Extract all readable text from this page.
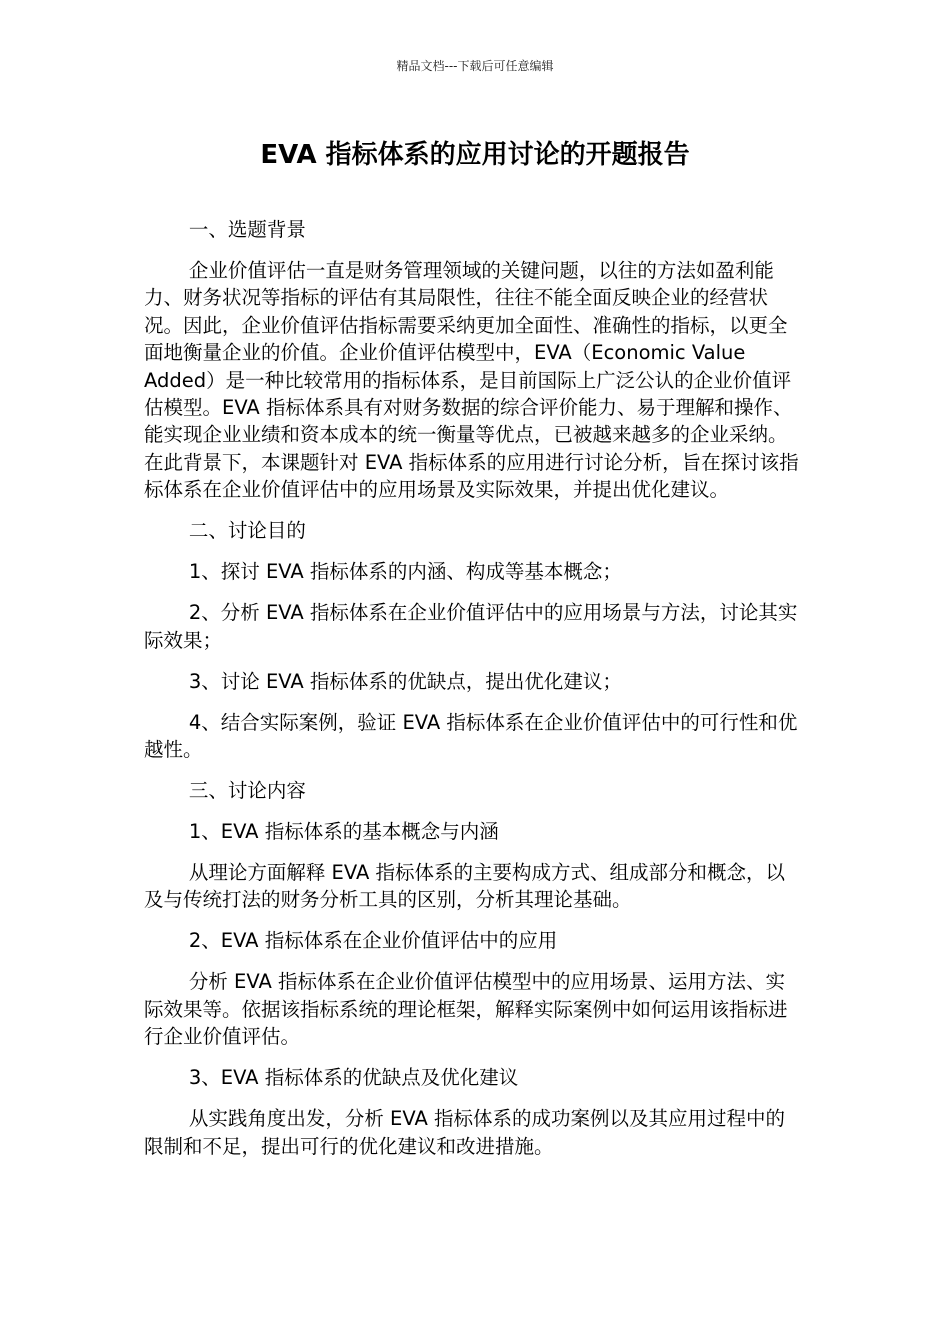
精品文档---下载后可任意编辑
EVA 指标体系的应用讨论的开题报告

一、选题背景

企业价值评估一直是财务管理领域的关键问题，以往的方法如盈利能力、财务状况等指标的评估有其局限性，往往不能全面反映企业的经营状况。因此，企业价值评估指标需要采纳更加全面性、准确性的指标，以更全面地衡量企业的价值。企业价值评估模型中，EVA（Economic Value Added）是一种比较常用的指标体系，是目前国际上广泛公认的企业价值评估模型。EVA 指标体系具有对财务数据的综合评价能力、易于理解和操作、能实现企业业绩和资本成本的统一衡量等优点，已被越来越多的企业采纳。在此背景下，本课题针对 EVA 指标体系的应用进行讨论分析，旨在探讨该指标体系在企业价值评估中的应用场景及实际效果，并提出优化建议。

二、讨论目的

1、探讨 EVA 指标体系的内涵、构成等基本概念；

2、分析 EVA 指标体系在企业价值评估中的应用场景与方法，讨论其实际效果；

3、讨论 EVA 指标体系的优缺点，提出优化建议；

4、结合实际案例，验证 EVA 指标体系在企业价值评估中的可行性和优越性。

三、讨论内容

1、EVA 指标体系的基本概念与内涵

从理论方面解释 EVA 指标体系的主要构成方式、组成部分和概念，以及与传统打法的财务分析工具的区别，分析其理论基础。

2、EVA 指标体系在企业价值评估中的应用

分析 EVA 指标体系在企业价值评估模型中的应用场景、运用方法、实际效果等。依据该指标系统的理论框架，解释实际案例中如何运用该指标进行企业价值评估。

3、EVA 指标体系的优缺点及优化建议

从实践角度出发，分析 EVA 指标体系的成功案例以及其应用过程中的限制和不足，提出可行的优化建议和改进措施。
